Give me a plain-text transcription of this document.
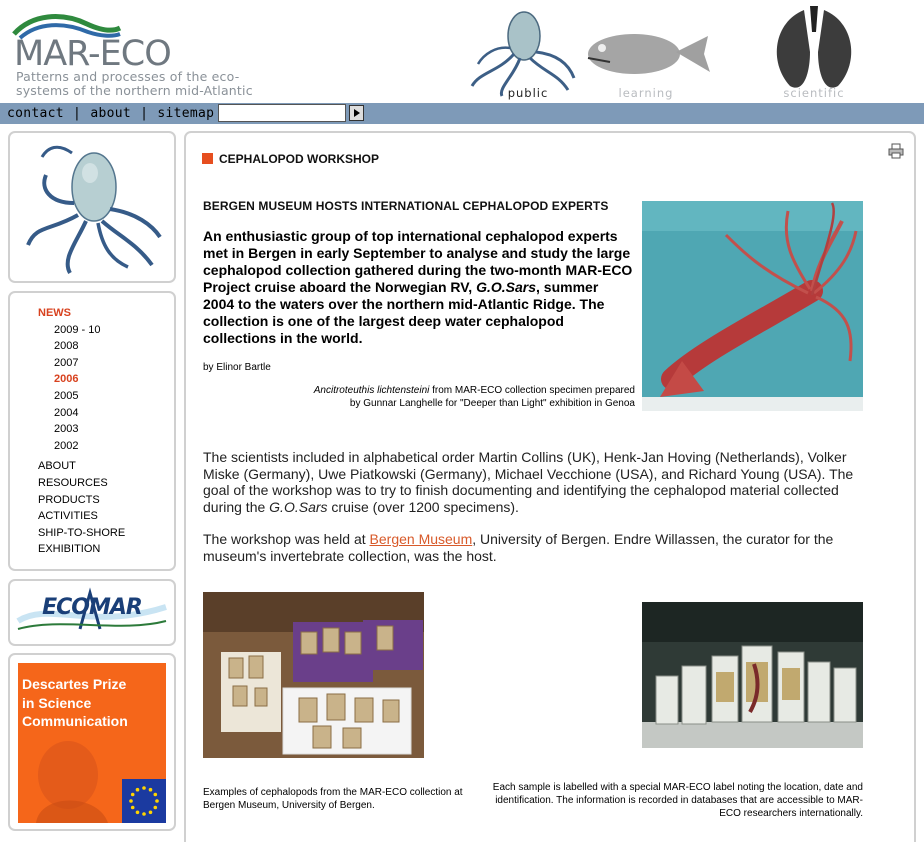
MAR-ECO
Patterns and processes of the eco-
systems of the northern mid-Atlantic	public	learning	scientific
contact | about | sitemap
NEWS
2009 - 10
2008
2007
2006
2005
2004
2003
2002
ABOUT
RESOURCES
PRODUCTS
ACTIVITIES
SHIP-TO-SHORE
EXHIBITION
ECOMAR
Descartes Prize
in Science
Communication
CEPHALOPOD WORKSHOP
BERGEN MUSEUM HOSTS INTERNATIONAL CEPHALOPOD EXPERTS
An enthusiastic group of top international cephalopod experts met in Bergen in early September to analyse and study the large cephalopod collection gathered during the two-month MAR-ECO Project cruise aboard the Norwegian RV, G.O.Sars, summer 2004 to the waters over the northern mid-Atlantic Ridge. The collection is one of the largest deep water cephalopod collections in the world.
by Elinor Bartle
Ancitroteuthis lichtensteini from MAR-ECO collection specimen prepared
by Gunnar Langhelle for "Deeper than Light" exhibition in Genoa
The scientists included in alphabetical order Martin Collins (UK), Henk-Jan Hoving (Netherlands), Volker Miske (Germany), Uwe Piatkowski (Germany), Michael Vecchione (USA), and Richard Young (USA). The goal of the workshop was to try to finish documenting and identifying the cephalopod material collected during the G.O.Sars cruise (over 1200 specimens).
The workshop was held at Bergen Museum, University of Bergen. Endre Willassen, the curator for the museum's invertebrate collection, was the host.
Examples of cephalopods from the MAR-ECO collection at Bergen Museum, University of Bergen.
Each sample is labelled with a special MAR-ECO label noting the location, date and identification. The information is recorded in databases that are accessible to MAR-ECO researchers internationally.
